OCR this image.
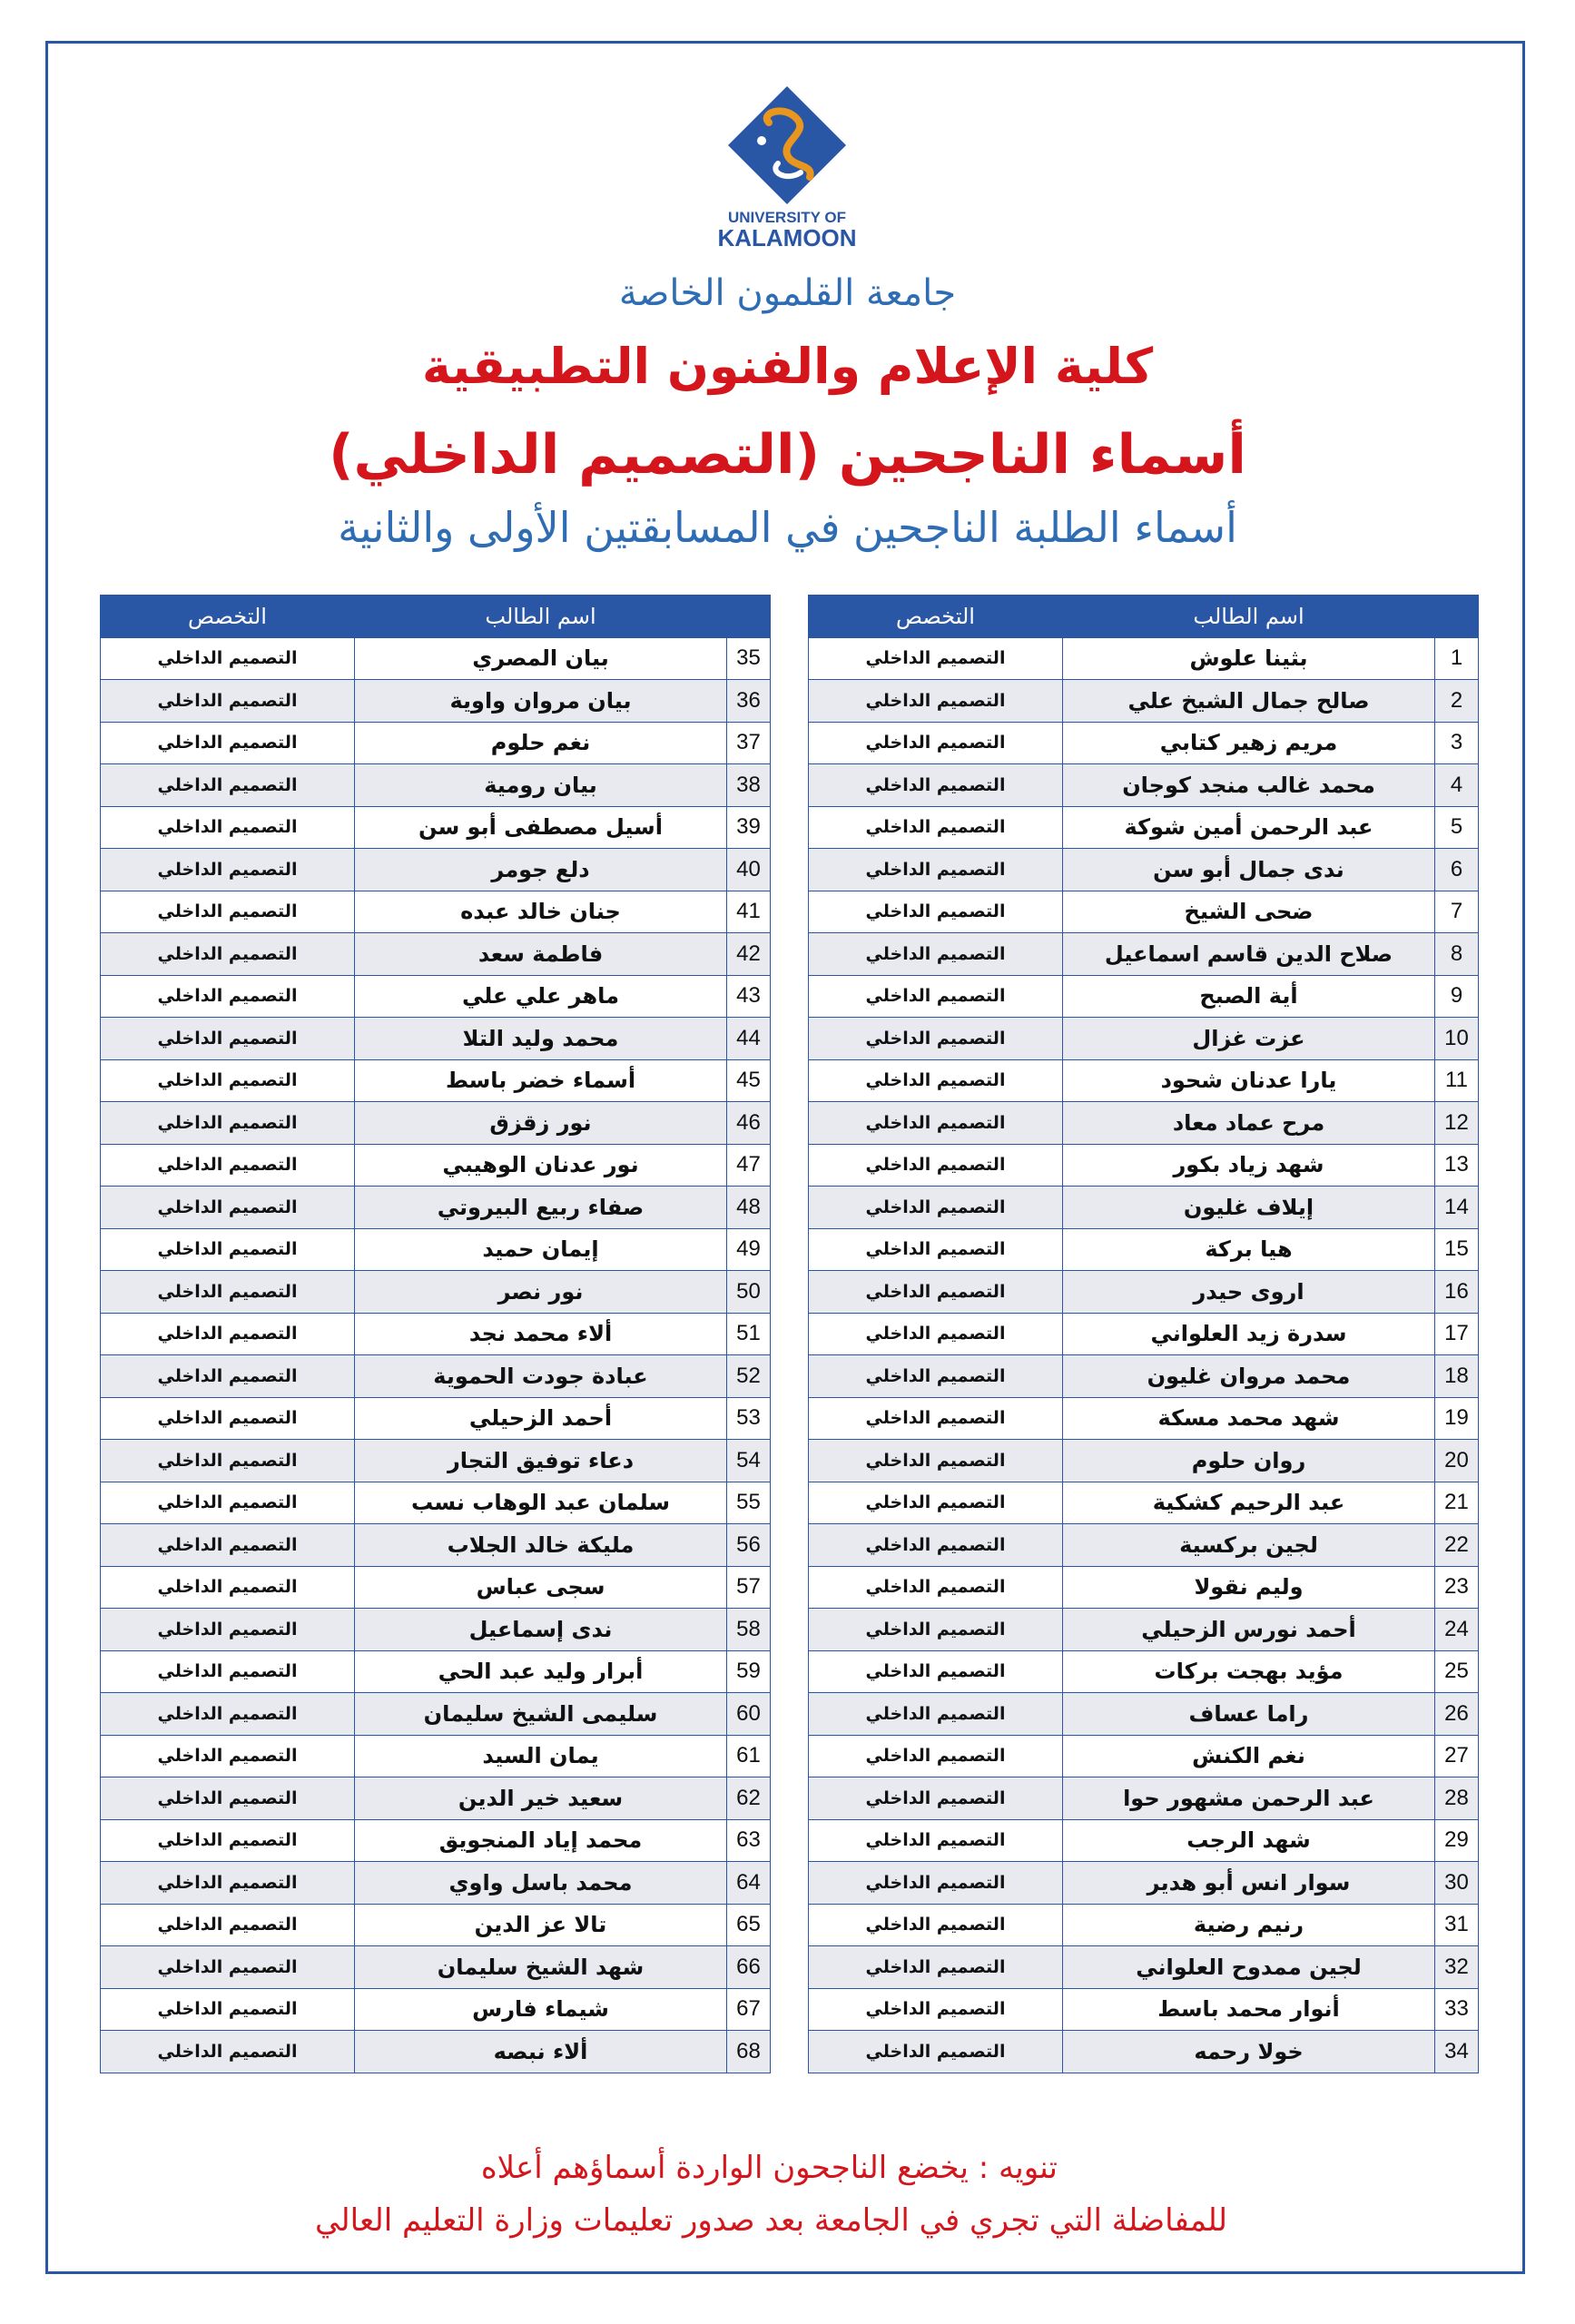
UNIVERSITY OF
KALAMOON
جامعة القلمون الخاصة
كلية الإعلام والفنون التطبيقية
أسماء الناجحين (التصميم الداخلي)
أسماء الطلبة الناجحين في المسابقتين الأولى والثانية
	اسم الطالب	التخصص
1	بثينا علوش	التصميم الداخلي
2	صالح جمال الشيخ علي	التصميم الداخلي
3	مريم زهير كتابي	التصميم الداخلي
4	محمد غالب منجد كوجان	التصميم الداخلي
5	عبد الرحمن أمين شوكة	التصميم الداخلي
6	ندى جمال أبو سن	التصميم الداخلي
7	ضحى الشيخ	التصميم الداخلي
8	صلاح الدين قاسم اسماعيل	التصميم الداخلي
9	أية الصبح	التصميم الداخلي
10	عزت غزال	التصميم الداخلي
11	يارا عدنان شحود	التصميم الداخلي
12	مرح عماد معاد	التصميم الداخلي
13	شهد زياد بكور	التصميم الداخلي
14	إيلاف غليون	التصميم الداخلي
15	هيا بركة	التصميم الداخلي
16	اروى حيدر	التصميم الداخلي
17	سدرة زيد العلواني	التصميم الداخلي
18	محمد مروان غليون	التصميم الداخلي
19	شهد محمد مسكة	التصميم الداخلي
20	روان حلوم	التصميم الداخلي
21	عبد الرحيم كشكية	التصميم الداخلي
22	لجين بركسية	التصميم الداخلي
23	وليم نقولا	التصميم الداخلي
24	أحمد نورس الزحيلي	التصميم الداخلي
25	مؤيد بهجت بركات	التصميم الداخلي
26	راما عساف	التصميم الداخلي
27	نغم الكنش	التصميم الداخلي
28	عبد الرحمن مشهور حوا	التصميم الداخلي
29	شهد الرجب	التصميم الداخلي
30	سوار انس أبو هدير	التصميم الداخلي
31	رنيم رضية	التصميم الداخلي
32	لجين ممدوح العلواني	التصميم الداخلي
33	أنوار محمد باسط	التصميم الداخلي
34	خولا رحمه	التصميم الداخلي
	اسم الطالب	التخصص
35	بيان المصري	التصميم الداخلي
36	بيان مروان واوية	التصميم الداخلي
37	نغم حلوم	التصميم الداخلي
38	بيان رومية	التصميم الداخلي
39	أسيل مصطفى أبو سن	التصميم الداخلي
40	دلع جومر	التصميم الداخلي
41	جنان خالد عبده	التصميم الداخلي
42	فاطمة سعد	التصميم الداخلي
43	ماهر علي علي	التصميم الداخلي
44	محمد وليد التلا	التصميم الداخلي
45	أسماء خضر باسط	التصميم الداخلي
46	نور زقزق	التصميم الداخلي
47	نور عدنان الوهيبي	التصميم الداخلي
48	صفاء ربيع البيروتي	التصميم الداخلي
49	إيمان حميد	التصميم الداخلي
50	نور نصر	التصميم الداخلي
51	ألاء محمد نجد	التصميم الداخلي
52	عبادة جودت الحموية	التصميم الداخلي
53	أحمد الزحيلي	التصميم الداخلي
54	دعاء توفيق التجار	التصميم الداخلي
55	سلمان عبد الوهاب نسب	التصميم الداخلي
56	مليكة خالد الجلاب	التصميم الداخلي
57	سجى عباس	التصميم الداخلي
58	ندى إسماعيل	التصميم الداخلي
59	أبرار وليد عبد الحي	التصميم الداخلي
60	سليمى الشيخ سليمان	التصميم الداخلي
61	يمان السيد	التصميم الداخلي
62	سعيد خير الدين	التصميم الداخلي
63	محمد إياد المنجويق	التصميم الداخلي
64	محمد باسل واوي	التصميم الداخلي
65	تالا عز الدين	التصميم الداخلي
66	شهد الشيخ سليمان	التصميم الداخلي
67	شيماء فارس	التصميم الداخلي
68	ألاء نبصه	التصميم الداخلي
تنويه : يخضع الناجحون الواردة أسماؤهم أعلاه
للمفاضلة التي تجري في الجامعة بعد صدور تعليمات وزارة التعليم العالي
